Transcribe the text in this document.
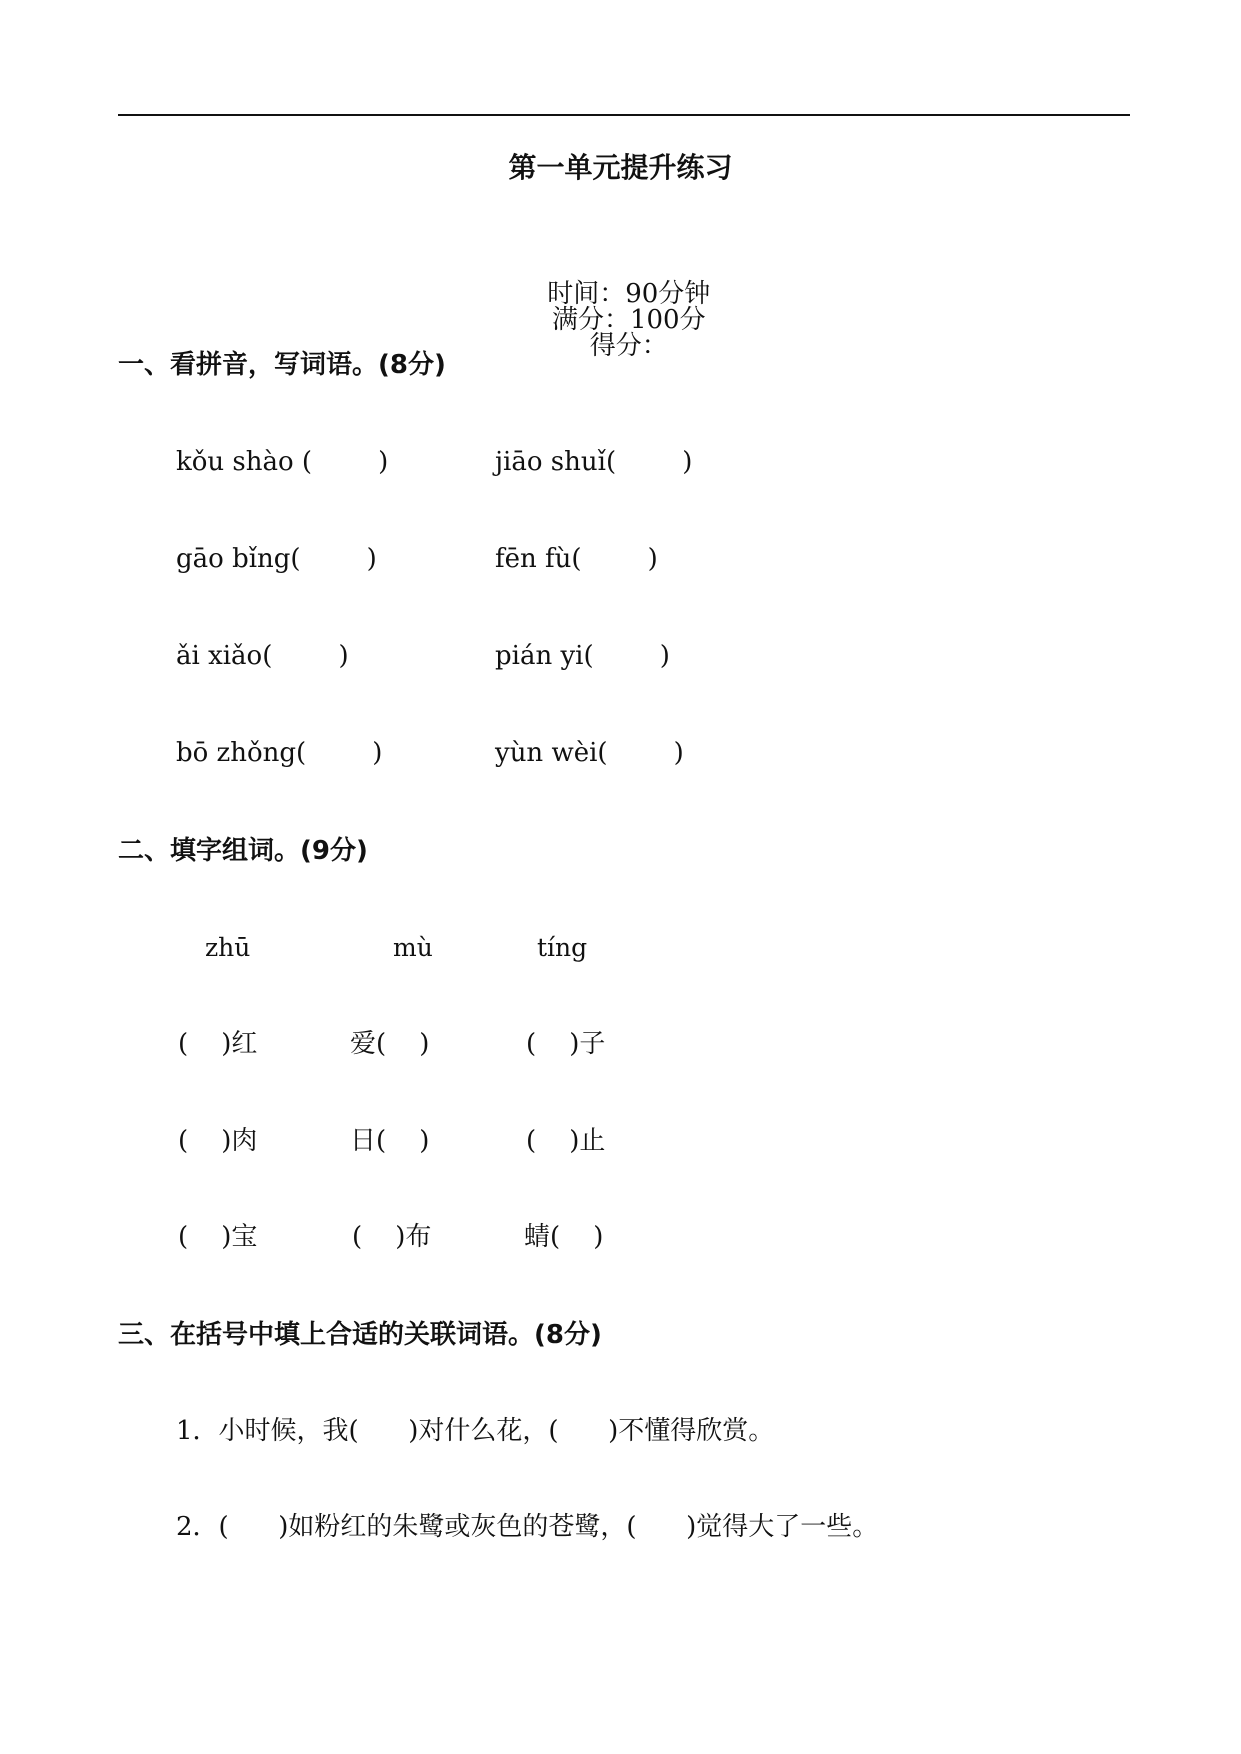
第一单元提升练习

时间：90分钟
满分：100分
得分：

一、看拼音，写词语。(8分)
kǒu shào (        )	jiāo shuǐ(        )
gāo bǐng(        )	fēn fù(        )
ǎi xiǎo(        )	pián yi(        )
bō zhǒng(        )	yùn wèi(        )
二、填字组词。(9分)
zhū	mù	tíng
(    )红	爱(    )	(    )子
(    )肉	日(    )	(    )止
(    )宝	(    )布	蜻(    )
三、在括号中填上合适的关联词语。(8分)
1．小时候，我(      )对什么花，(      )不懂得欣赏。
2．(      )如粉红的朱鹭或灰色的苍鹭，(      )觉得大了一些。
